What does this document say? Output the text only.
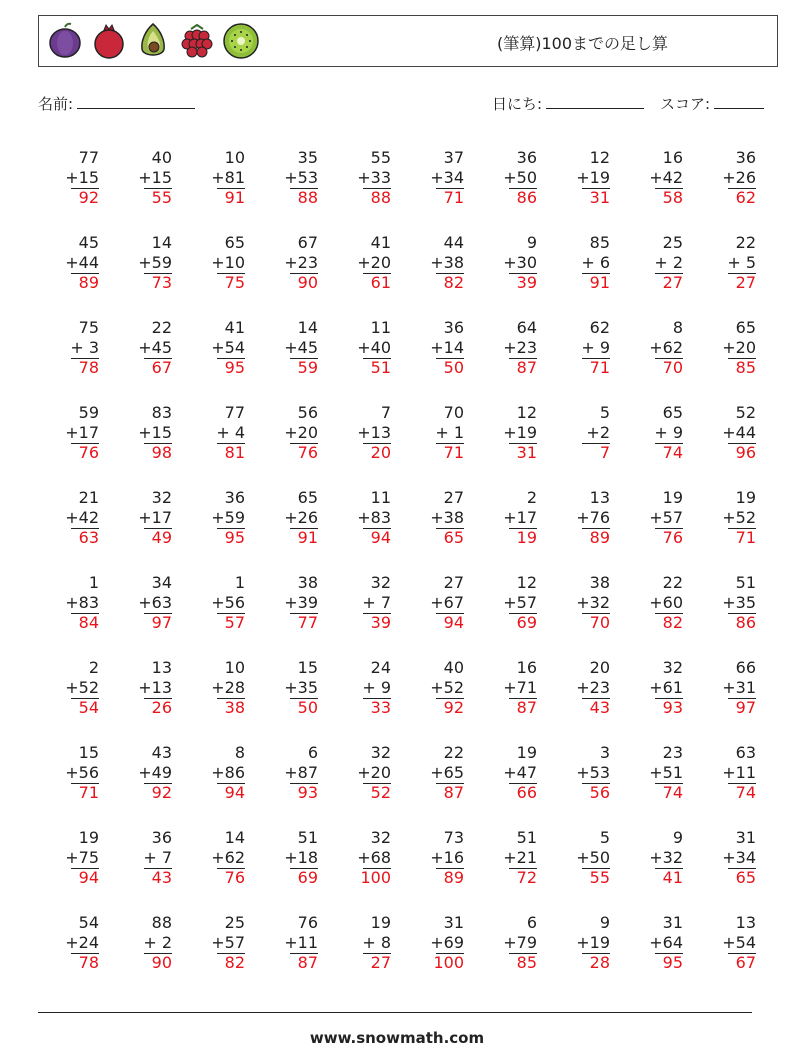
(筆算)100までの足し算
名前:	日にち:	スコア:
77
+15
92
40
+15
55
10
+81
91
35
+53
88
55
+33
88
37
+34
71
36
+50
86
12
+19
31
16
+42
58
36
+26
62
45
+44
89
14
+59
73
65
+10
75
67
+23
90
41
+20
61
44
+38
82
9
+30
39
85
+ 6
91
25
+ 2
27
22
+ 5
27
75
+ 3
78
22
+45
67
41
+54
95
14
+45
59
11
+40
51
36
+14
50
64
+23
87
62
+ 9
71
8
+62
70
65
+20
85
59
+17
76
83
+15
98
77
+ 4
81
56
+20
76
7
+13
20
70
+ 1
71
12
+19
31
5
+2
7
65
+ 9
74
52
+44
96
21
+42
63
32
+17
49
36
+59
95
65
+26
91
11
+83
94
27
+38
65
2
+17
19
13
+76
89
19
+57
76
19
+52
71
1
+83
84
34
+63
97
1
+56
57
38
+39
77
32
+ 7
39
27
+67
94
12
+57
69
38
+32
70
22
+60
82
51
+35
86
2
+52
54
13
+13
26
10
+28
38
15
+35
50
24
+ 9
33
40
+52
92
16
+71
87
20
+23
43
32
+61
93
66
+31
97
15
+56
71
43
+49
92
8
+86
94
6
+87
93
32
+20
52
22
+65
87
19
+47
66
3
+53
56
23
+51
74
63
+11
74
19
+75
94
36
+ 7
43
14
+62
76
51
+18
69
32
+68
100
73
+16
89
51
+21
72
5
+50
55
9
+32
41
31
+34
65
54
+24
78
88
+ 2
90
25
+57
82
76
+11
87
19
+ 8
27
31
+69
100
6
+79
85
9
+19
28
31
+64
95
13
+54
67
www.snowmath.com
